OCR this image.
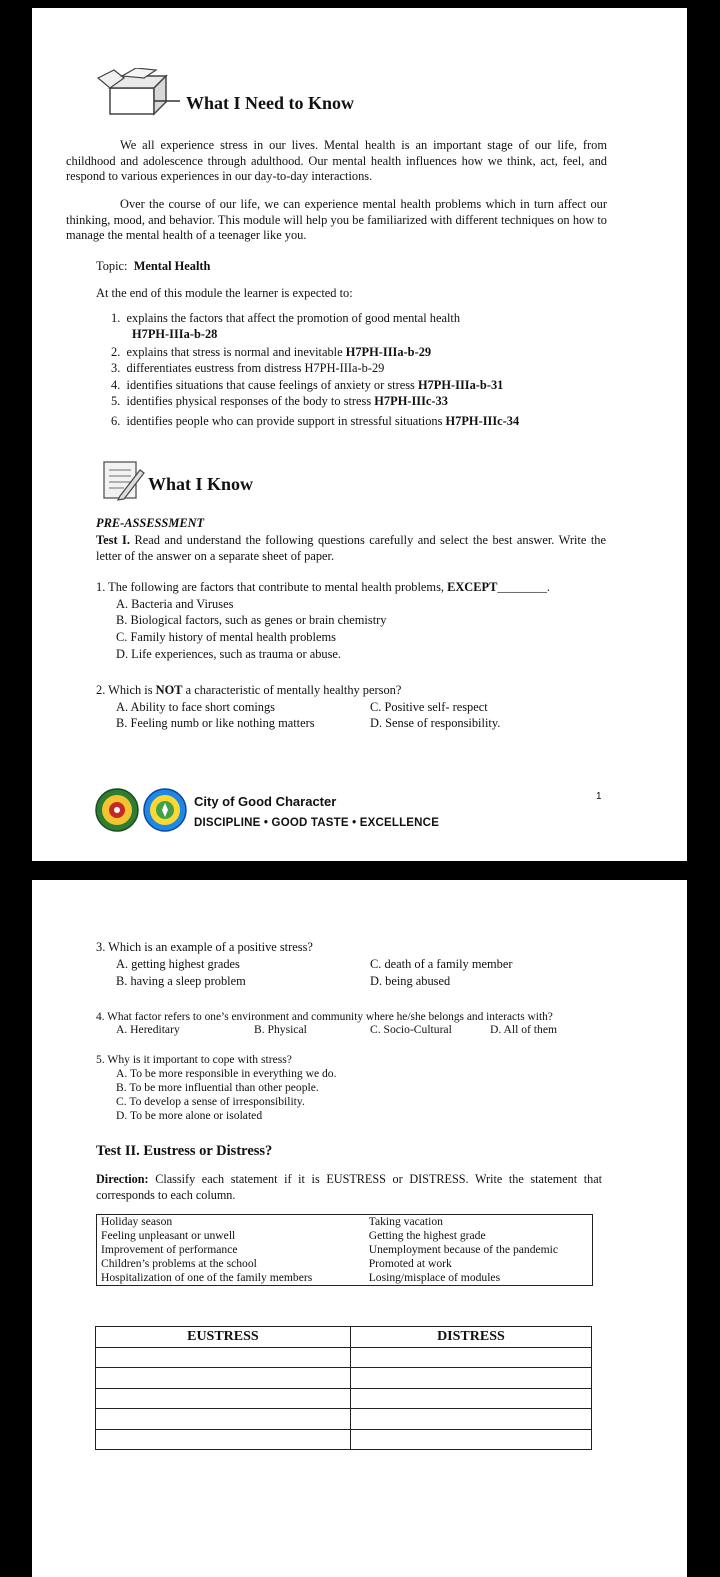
What I Need to Know
We all experience stress in our lives. Mental health is an important stage of our life, from childhood and adolescence through adulthood. Our mental health influences how we think, act, feel, and respond to various experiences in our day-to-day interactions.
Over the course of our life, we can experience mental health problems which in turn affect our thinking, mood, and behavior. This module will help you be familiarized with different techniques on how to manage the mental health of a teenager like you.
Topic: Mental Health
At the end of this module the learner is expected to:
1. explains the factors that affect the promotion of good mental health
H7PH-IIIa-b-28
2. explains that stress is normal and inevitable H7PH-IIIa-b-29
3. differentiates eustress from distress H7PH-IIIa-b-29
4. identifies situations that cause feelings of anxiety or stress H7PH-IIIa-b-31
5. identifies physical responses of the body to stress H7PH-IIIc-33
6. identifies people who can provide support in stressful situations H7PH-IIIc-34
What I Know
PRE-ASSESSMENT
Test I. Read and understand the following questions carefully and select the best answer. Write the letter of the answer on a separate sheet of paper.
1. The following are factors that contribute to mental health problems, EXCEPT________.
A. Bacteria and Viruses
B. Biological factors, such as genes or brain chemistry
C. Family history of mental health problems
D. Life experiences, such as trauma or abuse.
2. Which is NOT a characteristic of mentally healthy person?
A. Ability to face short comings	C. Positive self- respect
B. Feeling numb or like nothing matters	D. Sense of responsibility.
City of Good Character
DISCIPLINE • GOOD TASTE • EXCELLENCE
1
3. Which is an example of a positive stress?
A. getting highest grades	C. death of a family member
B. having a sleep problem	D. being abused
4. What factor refers to one’s environment and community where he/she belongs and interacts with?
A. Hereditary	B. Physical	C. Socio-Cultural	D. All of them
5. Why is it important to cope with stress?
A. To be more responsible in everything we do.
B. To be more influential than other people.
C. To develop a sense of irresponsibility.
D. To be more alone or isolated
Test II. Eustress or Distress?
Direction: Classify each statement if it is EUSTRESS or DISTRESS. Write the statement that corresponds to each column.
Holiday season	Taking vacation
Feeling unpleasant or unwell	Getting the highest grade
Improvement of performance	Unemployment because of the pandemic
Children’s problems at the school	Promoted at work
Hospitalization of one of the family members	Losing/misplace of modules
EUSTRESS	DISTRESS
